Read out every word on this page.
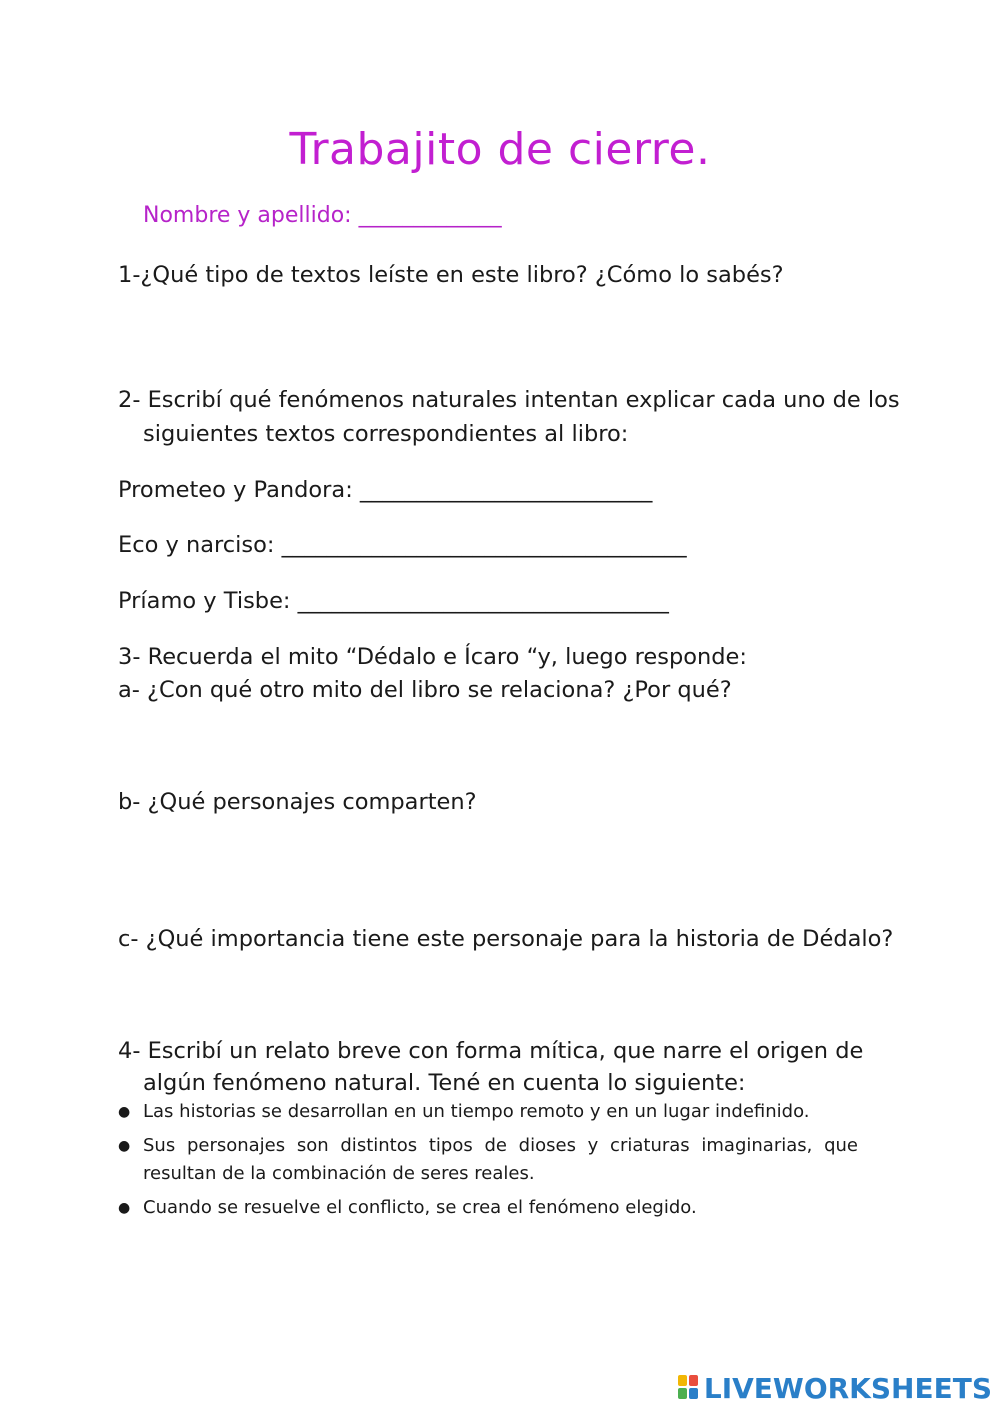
Trabajito de cierre.
Nombre y apellido: _____________
1-¿Qué tipo de textos leíste en este libro? ¿Cómo lo sabés?
2- Escribí qué fenómenos naturales intentan explicar cada uno de los
siguientes textos correspondientes al libro:
Prometeo y Pandora: __________________________
Eco y narciso: ____________________________________
Príamo y Tisbe: _________________________________
3- Recuerda el mito “Dédalo e Ícaro “y, luego responde:
a- ¿Con qué otro mito del libro se relaciona? ¿Por qué?
b- ¿Qué personajes comparten?
c- ¿Qué importancia tiene este personaje para la historia de Dédalo?
4- Escribí un relato breve con forma mítica, que narre el origen de
algún fenómeno natural. Tené en cuenta lo siguiente:
● Las historias se desarrollan en un tiempo remoto y en un lugar indefinido.
● Sus personajes son distintos tipos de dioses y criaturas imaginarias, que resultan de la combinación de seres reales.
● Cuando se resuelve el conflicto, se crea el fenómeno elegido.
LIVEWORKSHEETS
